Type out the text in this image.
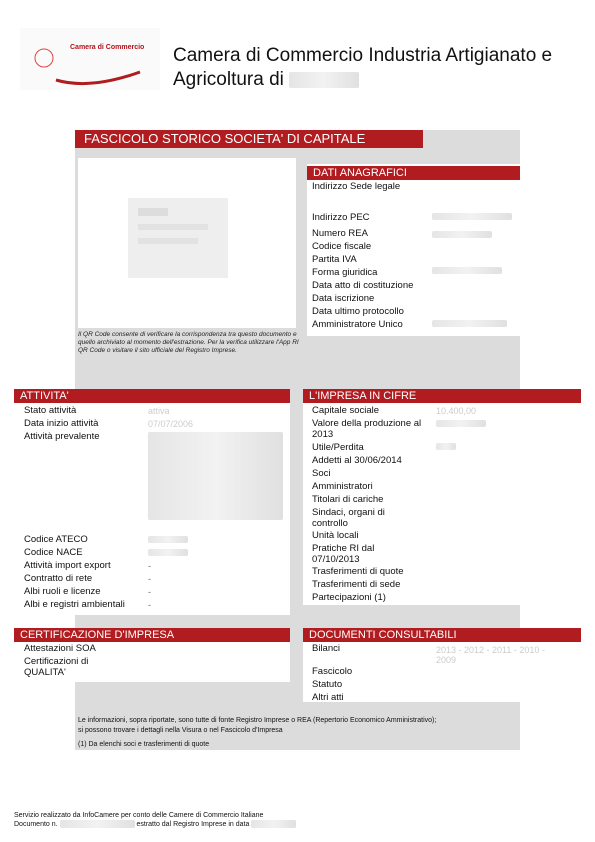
Camera di Commercio Camera di Commercio Industria Artigianato e
Agricoltura di
FASCICOLO STORICO SOCIETA' DI CAPITALE
Il QR Code consente di verificare la corrispondenza tra questo documento e quello archiviato al momento dell'estrazione. Per la verifica utilizzare l'App RI QR Code o visitare il sito ufficiale del Registro Imprese.
DATI ANAGRAFICI
Indirizzo Sede legale
Indirizzo PEC
Numero REA
Codice fiscale
Partita IVA
Forma giuridica
Data atto di costituzione
Data iscrizione
Data ultimo protocollo
Amministratore Unico
ATTIVITA'
Stato attività
Data inizio attività
Attività prevalente
Codice ATECO
Codice NACE
Attività import export
Contratto di rete
Albi ruoli e licenze
Albi e registri ambientali
attiva
07/07/2006
-
-
-
-
L'IMPRESA IN CIFRE
Capitale sociale
Valore della produzione al 2013
Utile/Perdita
Addetti al 30/06/2014
Soci
Amministratori
Titolari di cariche
Sindaci, organi di controllo
Unità locali
Pratiche RI dal 07/10/2013
Trasferimenti di quote
Trasferimenti di sede
Partecipazioni (1)
10.400,00
CERTIFICAZIONE D'IMPRESA
Attestazioni SOA
Certificazioni di QUALITA'
DOCUMENTI CONSULTABILI
Bilanci
Fascicolo
Statuto
Altri atti
2013 - 2012 - 2011 - 2010 - 2009
Le informazioni, sopra riportate, sono tutte di fonte Registro Imprese o REA (Repertorio Economico Amministrativo);
si possono trovare i dettagli nella Visura o nel Fascicolo d'Impresa
(1) Da elenchi soci e trasferimenti di quote
Servizio realizzato da InfoCamere per conto delle Camere di Commercio Italiane
Documento n.	estratto dal Registro Imprese in data
